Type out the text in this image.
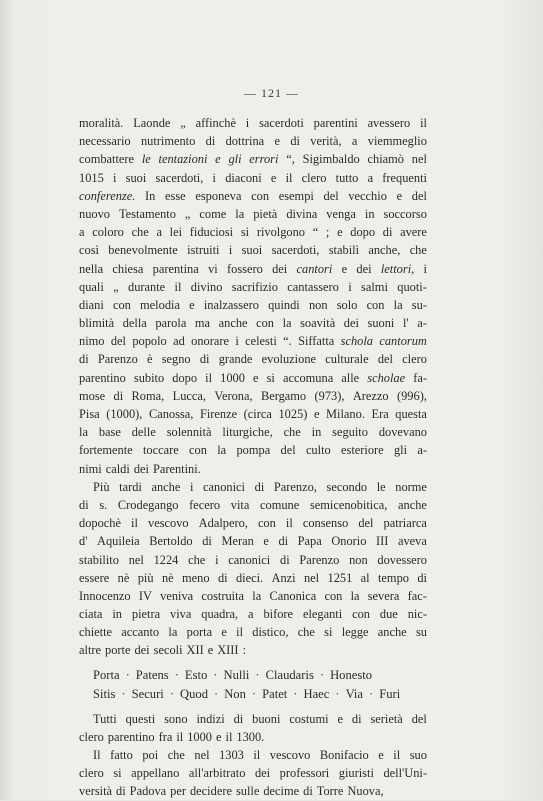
— 121 —
moralità. Laonde „ affinchè i sacerdoti parentini avessero il
necessario nutrimento di dottrina e di verità, a viemmeglio
combattere le tentazioni e gli errori “, Sigimbaldo chiamò nel
1015 i suoi sacerdoti, i diaconi e il clero tutto a frequenti
conferenze. In esse esponeva con esempi del vecchio e del
nuovo Testamento „ come la pietà divina venga in soccorso
a coloro che a lei fiduciosi si rivolgono “ ; e dopo di avere
così benevolmente istruiti i suoi sacerdoti, stabilì anche, che
nella chiesa parentina vi fossero dei cantori e dei lettori, i
quali „ durante il divino sacrifizio cantassero i salmi quoti-
diani con melodia e inalzassero quindi non solo con la su-
blimità della parola ma anche con la soavità dei suoni l' a-
nimo del popolo ad onorare i celesti “. Siffatta schola cantorum
di Parenzo è segno di grande evoluzione culturale del clero
parentino subito dopo il 1000 e si accomuna alle scholae fa-
mose di Roma, Lucca, Verona, Bergamo (973), Arezzo (996),
Pisa (1000), Canossa, Firenze (circa 1025) e Milano. Era questa
la base delle solennità liturgiche, che in seguito dovevano
fortemente toccare con la pompa del culto esteriore gli a-
nimi caldi dei Parentini.
Più tardi anche i canonici di Parenzo, secondo le norme
di s. Crodegango fecero vita comune semicenobitica, anche
dopochè il vescovo Adalpero, con il consenso del patriarca
d' Aquileia Bertoldo di Meran e di Papa Onorio III aveva
stabilito nel 1224 che i canonici di Parenzo non dovessero
essere nè più nè meno di dieci. Anzi nel 1251 al tempo di
Innocenzo IV veniva costruita la Canonica con la severa fac-
ciata in pietra viva quadra, a bifore eleganti con due nic-
chiette accanto la porta e il distico, che si legge anche su
altre porte dei secoli XII e XIII :
Porta · Patens · Esto · Nulli · Claudaris · Honesto
Sitis · Securi · Quod · Non · Patet · Haec · Via · Furi
Tutti questi sono indizi di buoni costumi e di serietà del
clero parentino fra il 1000 e il 1300.
Il fatto poi che nel 1303 il vescovo Bonifacio e il suo
clero si appellano all'arbitrato dei professori giuristi dell'Uni-
versità di Padova per decidere sulle decime di Torre Nuova,
